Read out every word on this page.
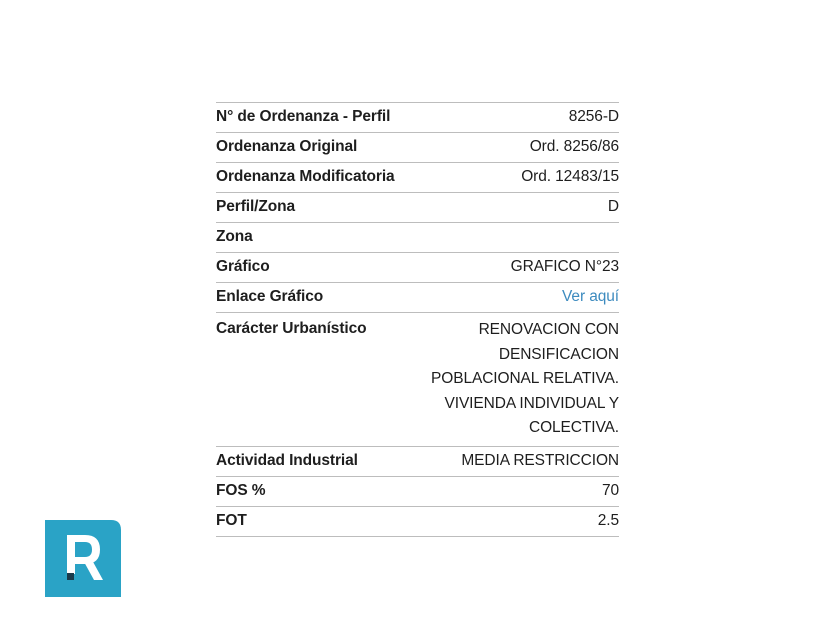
N° de Ordenanza - Perfil	8256-D
Ordenanza Original	Ord. 8256/86
Ordenanza Modificatoria	Ord. 12483/15
Perfil/Zona	D
Zona
Gráfico	GRAFICO N°23
Enlace Gráfico	Ver aquí
Carácter Urbanístico	RENOVACION CON DENSIFICACION POBLACIONAL RELATIVA. VIVIENDA INDIVIDUAL Y COLECTIVA.
Actividad Industrial	MEDIA RESTRICCION
FOS %	70
FOT	2.5
